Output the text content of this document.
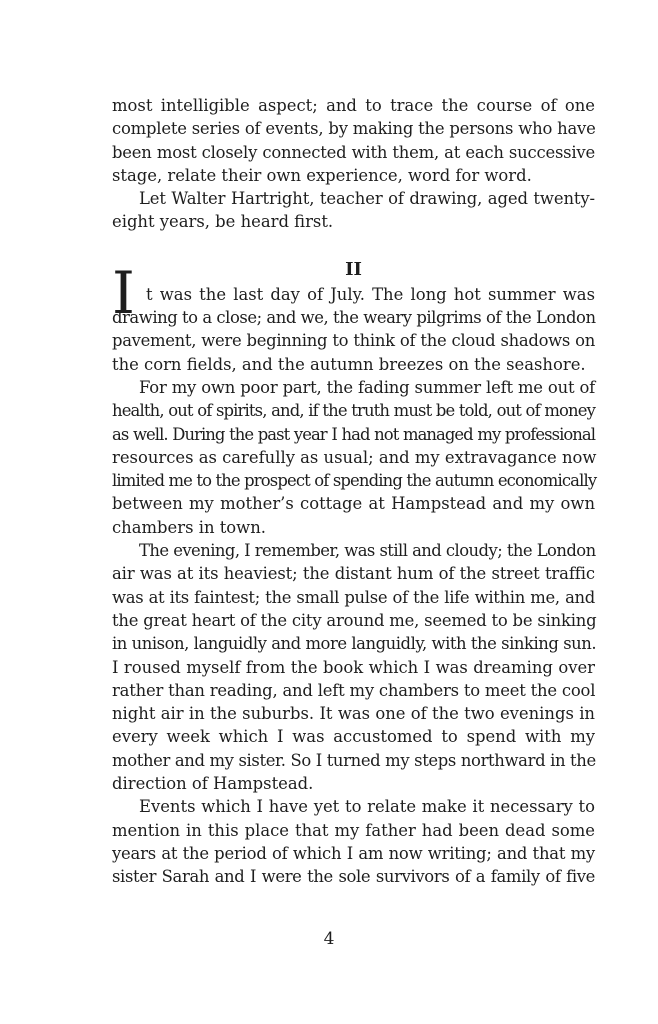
most intelligible aspect; and to trace the course of one
complete series of events, by making the persons who have
been most closely connected with them, at each successive
stage, relate their own experience, word for word.
Let Walter Hartright, teacher of drawing, aged twenty-
eight years, be heard first.
II
I t was the last day of July. The long hot summer was
drawing to a close; and we, the weary pilgrims of the London
pavement, were beginning to think of the cloud shadows on
the corn fields, and the autumn breezes on the seashore.
For my own poor part, the fading summer left me out of
health, out of spirits, and, if the truth must be told, out of money
as well. During the past year I had not managed my professional
resources as carefully as usual; and my extravagance now
limited me to the prospect of spending the autumn economically
between my mother’s cottage at Hampstead and my own
chambers in town.
The evening, I remember, was still and cloudy; the London
air was at its heaviest; the distant hum of the street traffic
was at its faintest; the small pulse of the life within me, and
the great heart of the city around me, seemed to be sinking
in unison, languidly and more languidly, with the sinking sun.
I roused myself from the book which I was dreaming over
rather than reading, and left my chambers to meet the cool
night air in the suburbs. It was one of the two evenings in
every week which I was accustomed to spend with my
mother and my sister. So I turned my steps northward in the
direction of Hampstead.
Events which I have yet to relate make it necessary to
mention in this place that my father had been dead some
years at the period of which I am now writing; and that my
sister Sarah and I were the sole survivors of a family of five
4
